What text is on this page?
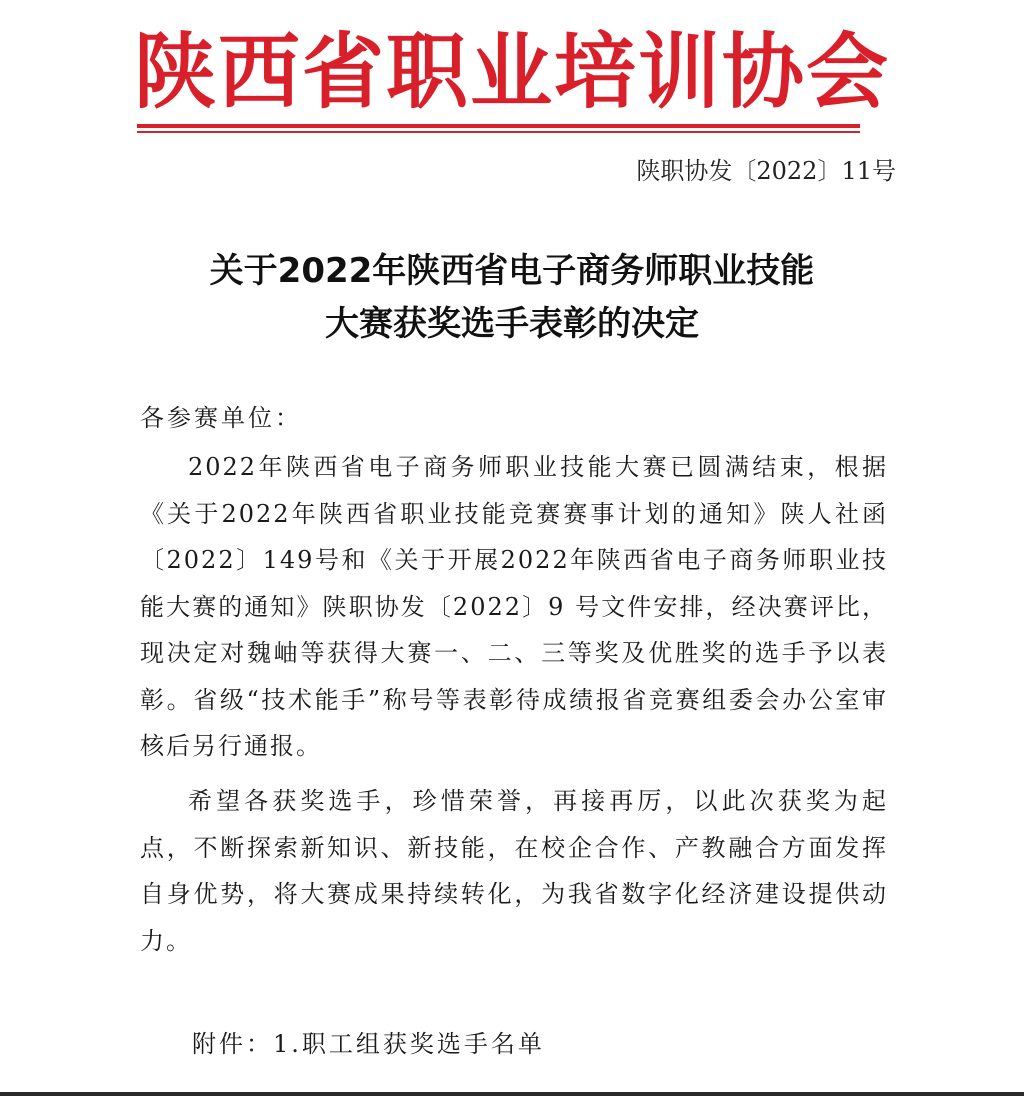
陕西省职业培训协会
陕职协发〔2022〕11号
关于2022年陕西省电子商务师职业技能
大赛获奖选手表彰的决定
各参赛单位：
2022年陕西省电子商务师职业技能大赛已圆满结束，根据《关于2022年陕西省职业技能竞赛赛事计划的通知》陕人社函〔2022〕149号和《关于开展2022年陕西省电子商务师职业技能大赛的通知》陕职协发〔2022〕9 号文件安排，经决赛评比，现决定对魏岫等获得大赛一、二、三等奖及优胜奖的选手予以表彰。省级“技术能手”称号等表彰待成绩报省竞赛组委会办公室审核后另行通报。
希望各获奖选手，珍惜荣誉，再接再厉，以此次获奖为起点，不断探索新知识、新技能，在校企合作、产教融合方面发挥自身优势，将大赛成果持续转化，为我省数字化经济建设提供动力。
附件：1.职工组获奖选手名单
